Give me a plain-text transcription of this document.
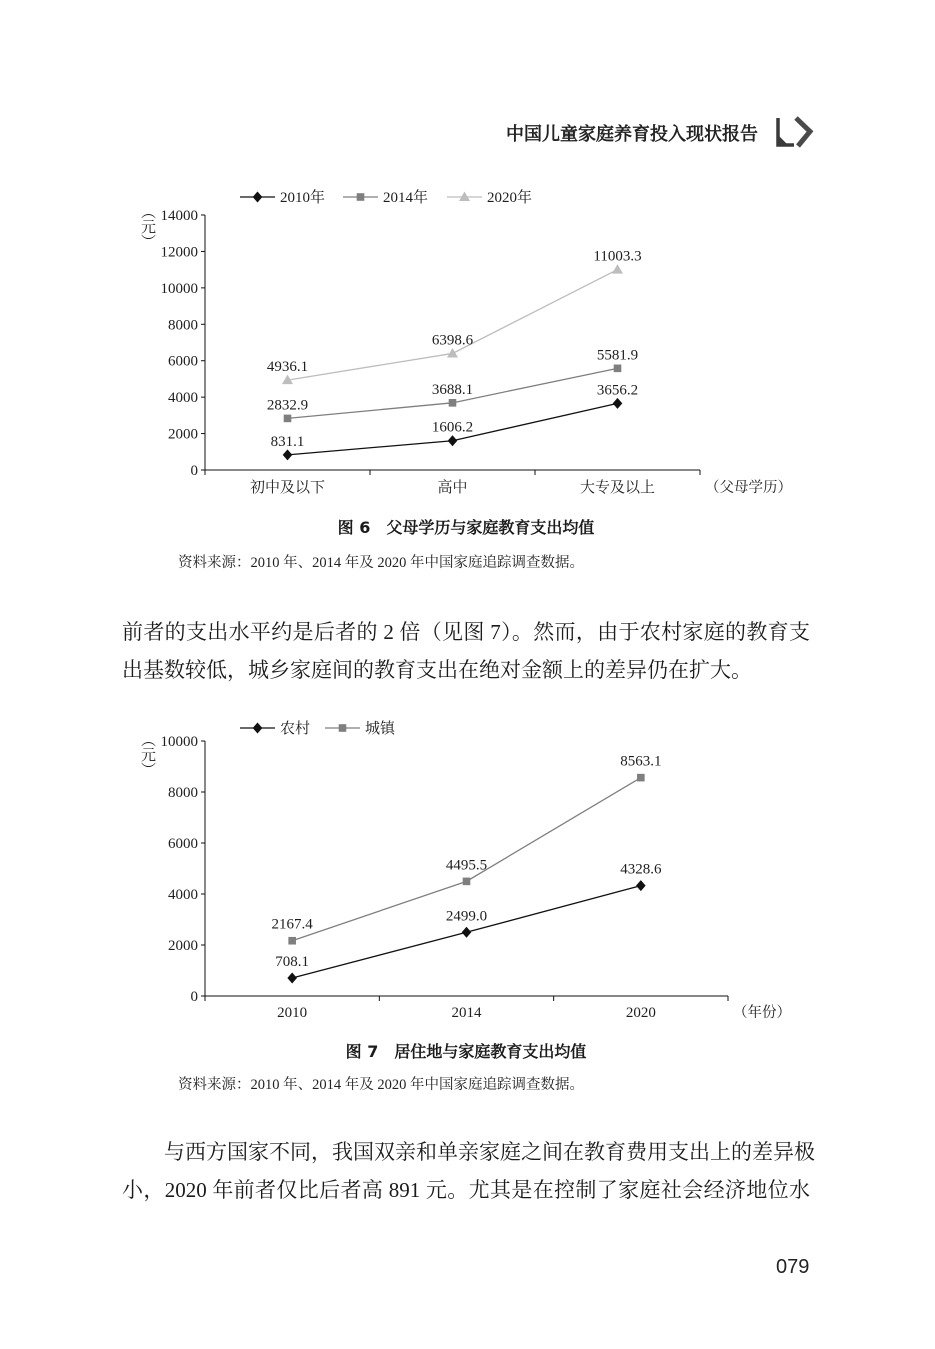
中国儿童家庭养育投入现状报告
0
2000
4000
6000
8000
10000
12000
14000
初中及以下	高中	大专及以上	（父母学历）
831.1
1606.2
3656.2
2010年
2832.9
3688.1
5581.9
2014年
4936.1
6398.6
11003.3
2020年
（元）
图 6　父母学历与家庭教育支出均值
资料来源：2010 年、2014 年及 2020 年中国家庭追踪调查数据。
前者的支出水平约是后者的 2 倍（见图 7）。然而，由于农村家庭的教育支
出基数较低，城乡家庭间的教育支出在绝对金额上的差异仍在扩大。
0
2000
4000
6000
8000
10000
2010	2014	2020	（年份）
708.1
2499.0
4328.6
农村
2167.4
4495.5
8563.1
城镇
（元）
图 7　居住地与家庭教育支出均值
资料来源：2010 年、2014 年及 2020 年中国家庭追踪调查数据。
与西方国家不同，我国双亲和单亲家庭之间在教育费用支出上的差异极
小，2020 年前者仅比后者高 891 元。尤其是在控制了家庭社会经济地位水
079
